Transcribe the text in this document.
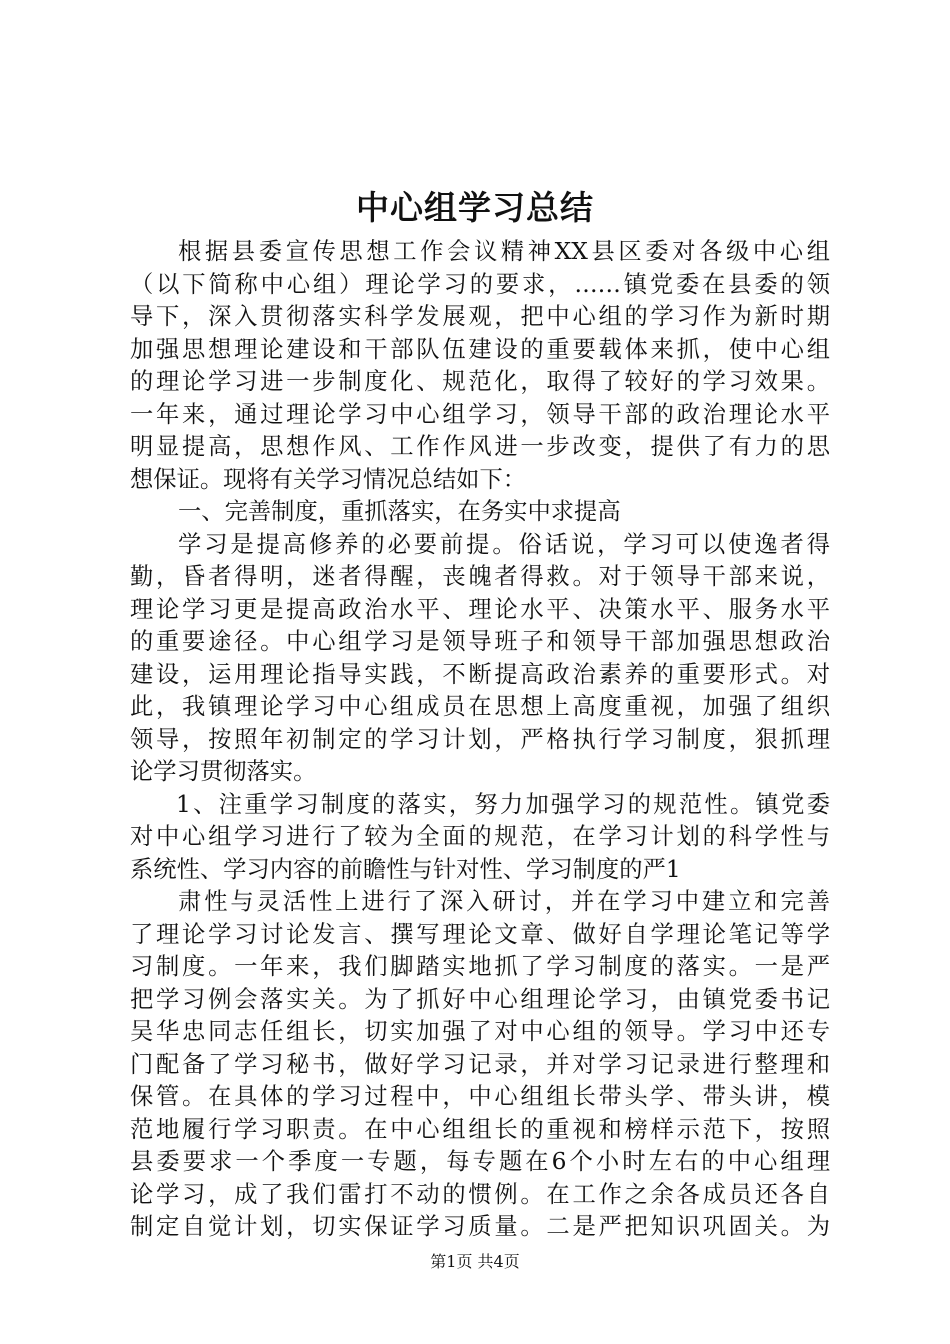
中心组学习总结
根据县委宣传思想工作会议精神XX县区委对各级中心组
（以下简称中心组）理论学习的要求，……镇党委在县委的领
导下，深入贯彻落实科学发展观，把中心组的学习作为新时期
加强思想理论建设和干部队伍建设的重要载体来抓，使中心组
的理论学习进一步制度化、规范化，取得了较好的学习效果。
一年来，通过理论学习中心组学习，领导干部的政治理论水平
明显提高，思想作风、工作作风进一步改变，提供了有力的思
想保证。现将有关学习情况总结如下：
一、完善制度，重抓落实，在务实中求提高
学习是提高修养的必要前提。俗话说，学习可以使逸者得
勤，昏者得明，迷者得醒，丧魄者得救。对于领导干部来说，
理论学习更是提高政治水平、理论水平、决策水平、服务水平
的重要途径。中心组学习是领导班子和领导干部加强思想政治
建设，运用理论指导实践，不断提高政治素养的重要形式。对
此，我镇理论学习中心组成员在思想上高度重视，加强了组织
领导，按照年初制定的学习计划，严格执行学习制度，狠抓理
论学习贯彻落实。
1、注重学习制度的落实，努力加强学习的规范性。镇党委
对中心组学习进行了较为全面的规范，在学习计划的科学性与
系统性、学习内容的前瞻性与针对性、学习制度的严1
肃性与灵活性上进行了深入研讨，并在学习中建立和完善
了理论学习讨论发言、撰写理论文章、做好自学理论笔记等学
习制度。一年来，我们脚踏实地抓了学习制度的落实。一是严
把学习例会落实关。为了抓好中心组理论学习，由镇党委书记
吴华忠同志任组长，切实加强了对中心组的领导。学习中还专
门配备了学习秘书，做好学习记录，并对学习记录进行整理和
保管。在具体的学习过程中，中心组组长带头学、带头讲，模
范地履行学习职责。在中心组组长的重视和榜样示范下，按照
县委要求一个季度一专题，每专题在6个小时左右的中心组理
论学习，成了我们雷打不动的惯例。在工作之余各成员还各自
制定自觉计划，切实保证学习质量。二是严把知识巩固关。为
第1页 共4页
